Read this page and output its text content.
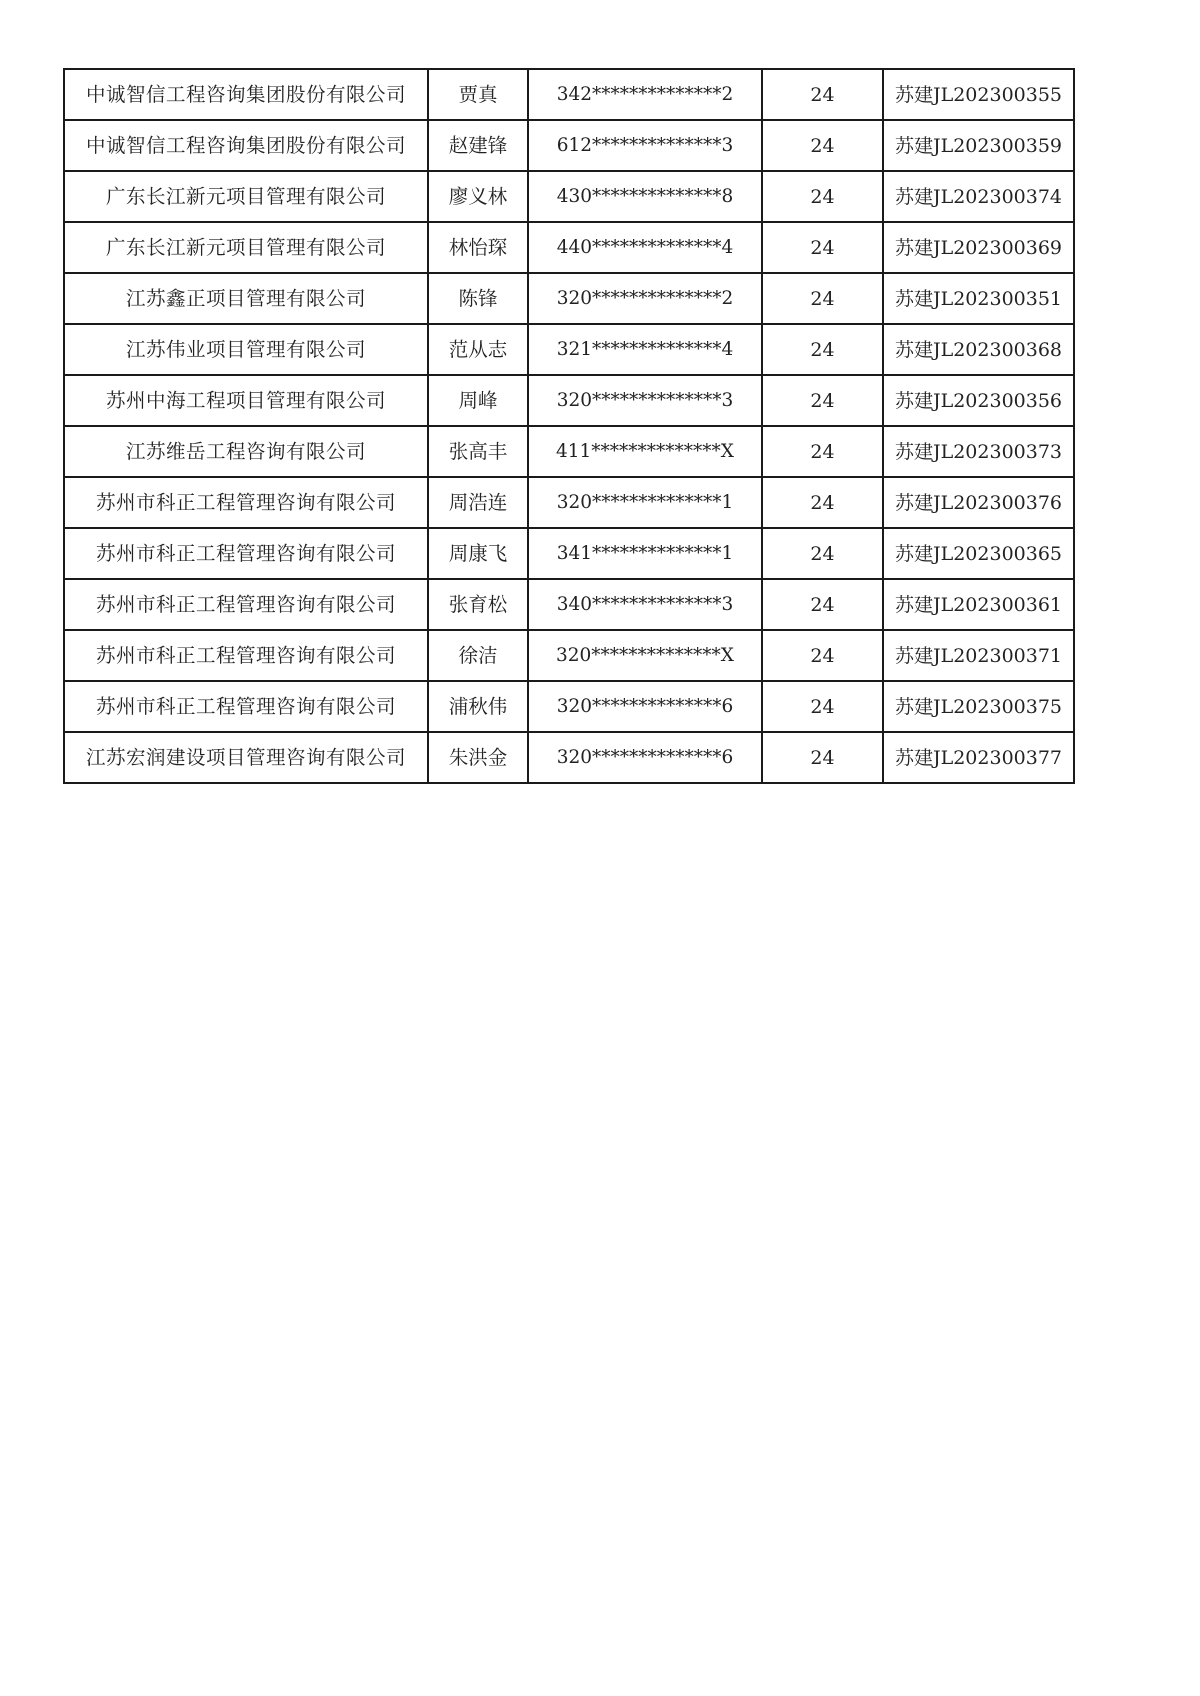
中诚智信工程咨询集团股份有限公司	贾真	342**************2	24	苏建JL202300355
中诚智信工程咨询集团股份有限公司	赵建锋	612**************3	24	苏建JL202300359
广东长江新元项目管理有限公司	廖义林	430**************8	24	苏建JL202300374
广东长江新元项目管理有限公司	林怡琛	440**************4	24	苏建JL202300369
江苏鑫正项目管理有限公司	陈锋	320**************2	24	苏建JL202300351
江苏伟业项目管理有限公司	范从志	321**************4	24	苏建JL202300368
苏州中海工程项目管理有限公司	周峰	320**************3	24	苏建JL202300356
江苏维岳工程咨询有限公司	张高丰	411**************X	24	苏建JL202300373
苏州市科正工程管理咨询有限公司	周浩连	320**************1	24	苏建JL202300376
苏州市科正工程管理咨询有限公司	周康飞	341**************1	24	苏建JL202300365
苏州市科正工程管理咨询有限公司	张育松	340**************3	24	苏建JL202300361
苏州市科正工程管理咨询有限公司	徐洁	320**************X	24	苏建JL202300371
苏州市科正工程管理咨询有限公司	浦秋伟	320**************6	24	苏建JL202300375
江苏宏润建设项目管理咨询有限公司	朱洪金	320**************6	24	苏建JL202300377
